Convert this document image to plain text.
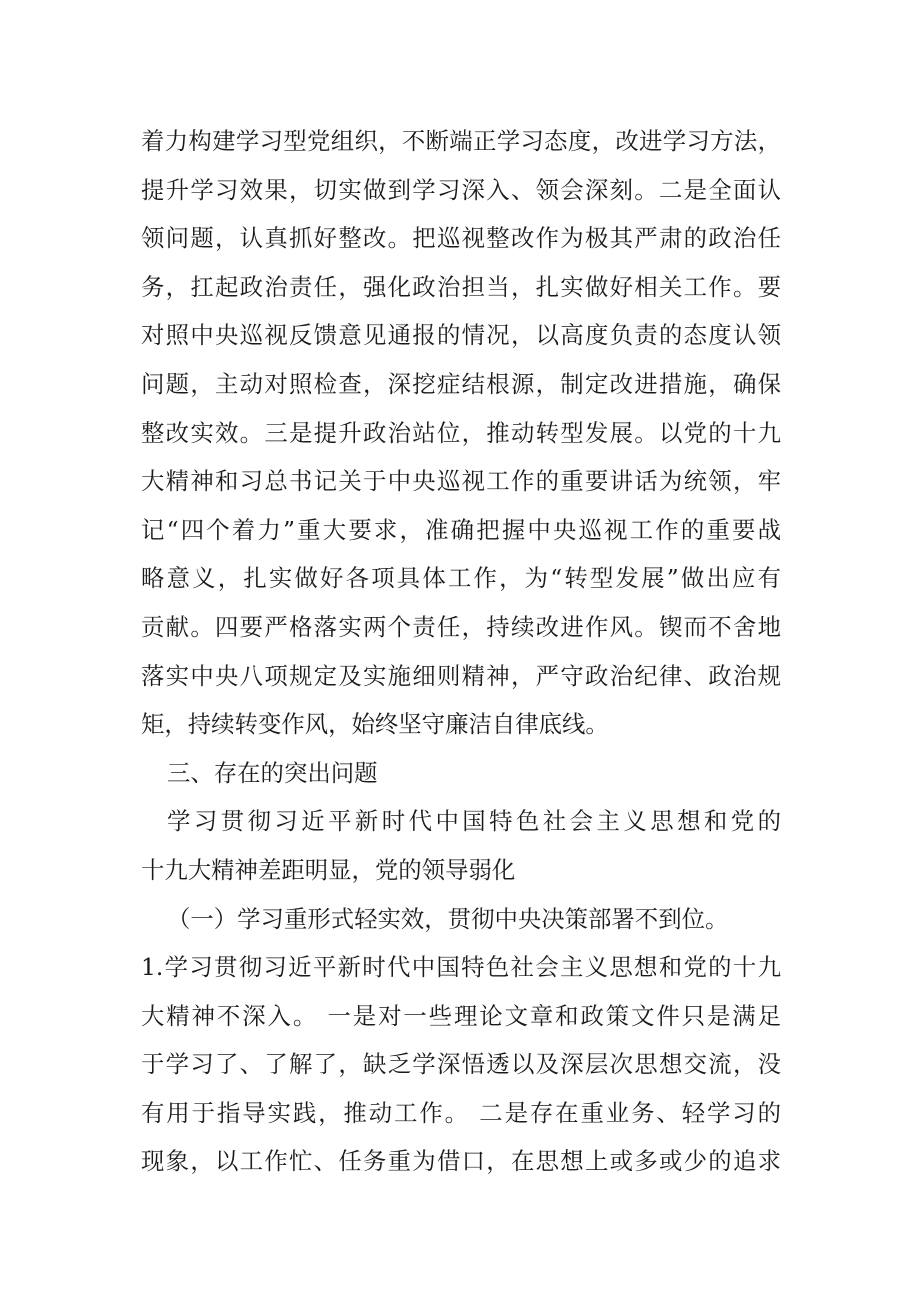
着力构建学习型党组织，不断端正学习态度，改进学习方法，
提升学习效果，切实做到学习深入、领会深刻。二是全面认
领问题，认真抓好整改。把巡视整改作为极其严肃的政治任
务，扛起政治责任，强化政治担当，扎实做好相关工作。要
对照中央巡视反馈意见通报的情况，以高度负责的态度认领
问题，主动对照检查，深挖症结根源，制定改进措施，确保
整改实效。三是提升政治站位，推动转型发展。以党的十九
大精神和习总书记关于中央巡视工作的重要讲话为统领，牢
记“四个着力”重大要求，准确把握中央巡视工作的重要战
略意义，扎实做好各项具体工作，为“转型发展”做出应有
贡献。四要严格落实两个责任，持续改进作风。锲而不舍地
落实中央八项规定及实施细则精神，严守政治纪律、政治规
矩，持续转变作风，始终坚守廉洁自律底线。
三、存在的突出问题
学习贯彻习近平新时代中国特色社会主义思想和党的
十九大精神差距明显，党的领导弱化
（一）学习重形式轻实效，贯彻中央决策部署不到位。
1.学习贯彻习近平新时代中国特色社会主义思想和党的十九
大精神不深入。 一是对一些理论文章和政策文件只是满足
于学习了、了解了，缺乏学深悟透以及深层次思想交流，没
有用于指导实践，推动工作。 二是存在重业务、轻学习的
现象，以工作忙、任务重为借口，在思想上或多或少的追求
